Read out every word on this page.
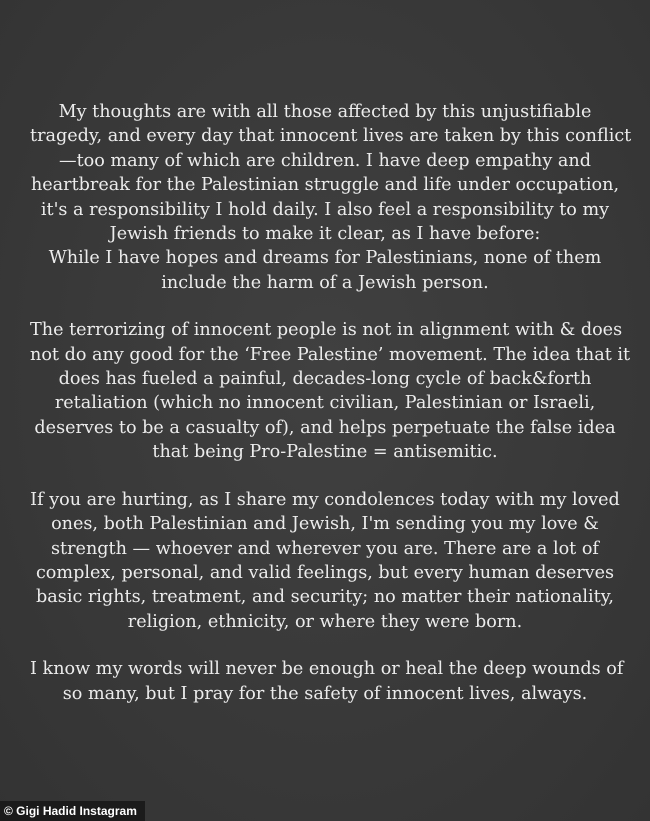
My thoughts are with all those affected by this unjustifiable
tragedy, and every day that innocent lives are taken by this conflict
—too many of which are children. I have deep empathy and
heartbreak for the Palestinian struggle and life under occupation,
it's a responsibility I hold daily. I also feel a responsibility to my
Jewish friends to make it clear, as I have before:
While I have hopes and dreams for Palestinians, none of them
include the harm of a Jewish person.
The terrorizing of innocent people is not in alignment with & does
not do any good for the ‘Free Palestine’ movement. The idea that it
does has fueled a painful, decades-long cycle of back&forth
retaliation (which no innocent civilian, Palestinian or Israeli,
deserves to be a casualty of), and helps perpetuate the false idea
that being Pro-Palestine = antisemitic.
If you are hurting, as I share my condolences today with my loved
ones, both Palestinian and Jewish, I'm sending you my love &
strength — whoever and wherever you are. There are a lot of
complex, personal, and valid feelings, but every human deserves
basic rights, treatment, and security; no matter their nationality,
religion, ethnicity, or where they were born.
I know my words will never be enough or heal the deep wounds of
so many, but I pray for the safety of innocent lives, always.
© Gigi Hadid Instagram
